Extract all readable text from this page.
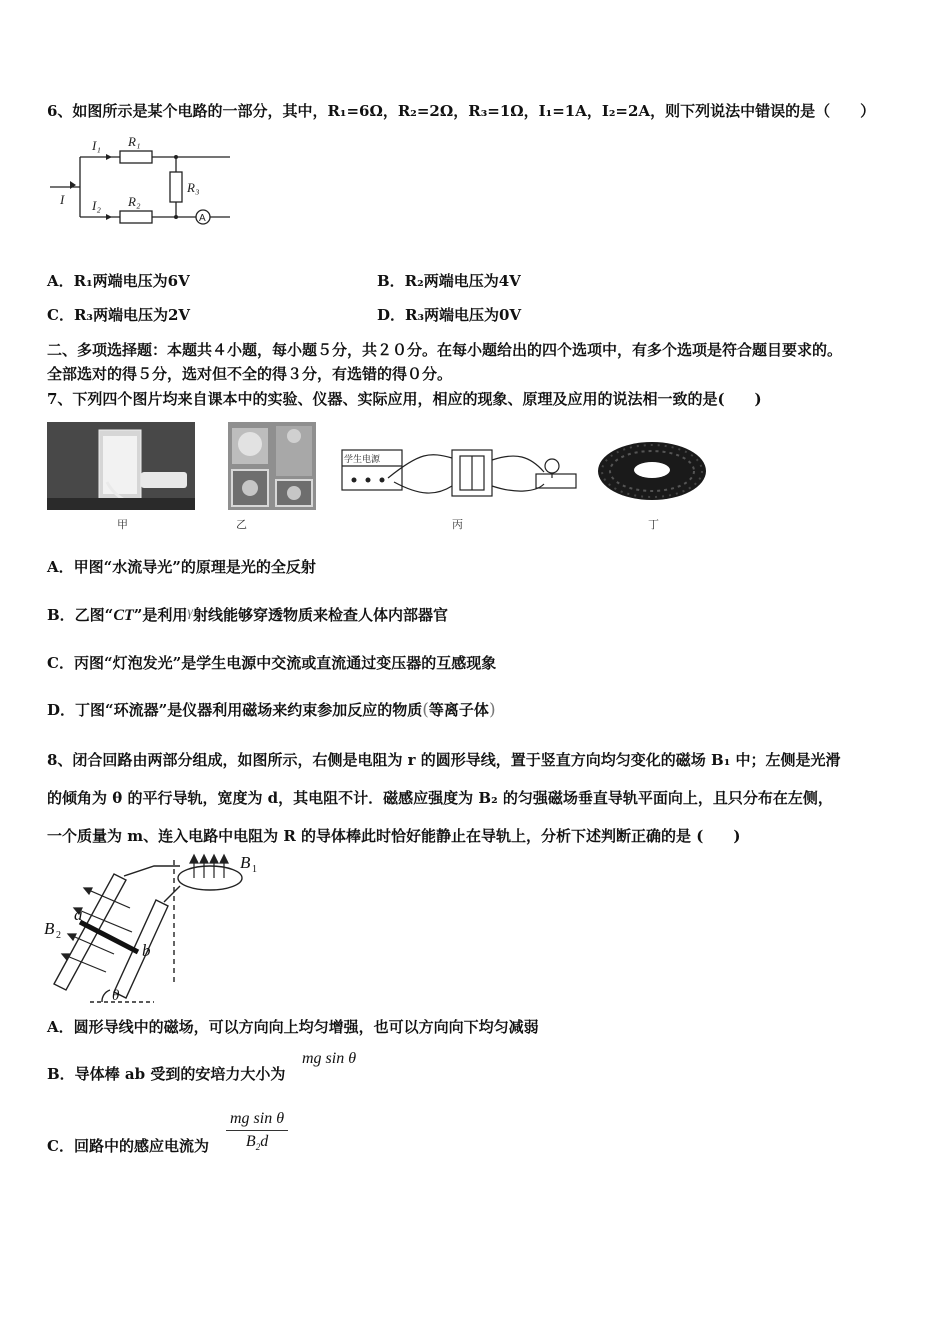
6、如图所示是某个电路的一部分，其中，R₁=6Ω，R₂=2Ω，R₃=1Ω，I₁=1A，I₂=2A，则下列说法中错误的是（　　）
I
I₁
I₂
R₁
R₂
R₃
A
A．R₁两端电压为6V	B．R₂两端电压为4V
C．R₃两端电压为2V	D．R₃两端电压为0V
二、多项选择题：本题共４小题，每小题５分，共２０分。在每小题给出的四个选项中，有多个选项是符合题目要求的。
全部选对的得５分，选对但不全的得３分，有选错的得０分。
7、下列四个图片均来自课本中的实验、仪器、实际应用，相应的现象、原理及应用的说法相一致的是(　　)
甲	乙
学生电源
丙	丁
A．甲图“水流导光”的原理是光的全反射
B．乙图“CT”是利用γ射线能够穿透物质来检查人体内部器官
C．丙图“灯泡发光”是学生电源中交流或直流通过变压器的互感现象
D．丁图“环流器”是仪器利用磁场来约束参加反应的物质(等离子体)
8、闭合回路由两部分组成，如图所示，右侧是电阻为 r 的圆形导线，置于竖直方向均匀变化的磁场 B₁ 中；左侧是光滑
的倾角为 θ 的平行导轨，宽度为 d，其电阻不计．磁感应强度为 B₂ 的匀强磁场垂直导轨平面向上，且只分布在左侧，
一个质量为 m、连入电路中电阻为 R 的导体棒此时恰好能静止在导轨上，分析下述判断正确的是 (　　)
B
B
a
b
θ
1
2
A．圆形导线中的磁场，可以方向向上均匀增强，也可以方向向下均匀减弱
B．导体棒 ab 受到的安培力大小为
mg sin θ
C．回路中的感应电流为 $\frac{\text{mg sin θ}}{B_2d}$
